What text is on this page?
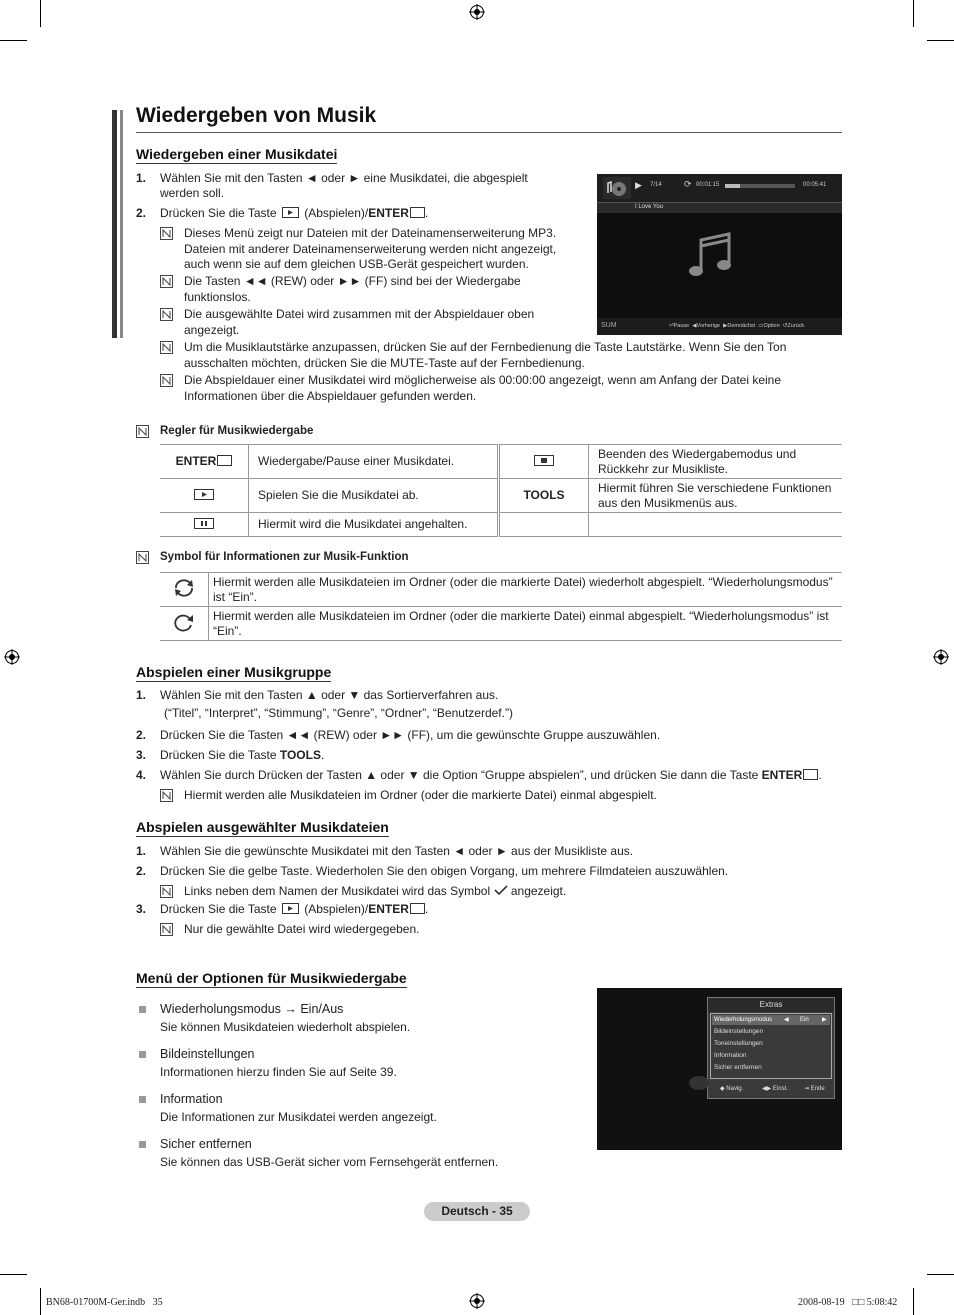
Wiedergeben von Musik
Wiedergeben einer Musikdatei
1. Wählen Sie mit den Tasten ◄ oder ► eine Musikdatei, die abgespielt werden soll.
2. Drücken Sie die Taste (Abspielen)/ENTER .
Dieses Menü zeigt nur Dateien mit der Dateinamenserweiterung MP3. Dateien mit anderer Dateinamenserweiterung werden nicht angezeigt, auch wenn sie auf dem gleichen USB-Gerät gespeichert wurden.
Die Tasten ◄◄ (REW) oder ►► (FF) sind bei der Wiedergabe funktionslos.
Die ausgewählte Datei wird zusammen mit der Abspieldauer oben angezeigt.
Um die Musiklautstärke anzupassen, drücken Sie auf der Fernbedienung die Taste Lautstärke. Wenn Sie den Ton ausschalten möchten, drücken Sie die MUTE-Taste auf der Fernbedienung.
Die Abspieldauer einer Musikdatei wird möglicherweise als 00:00:00 angezeigt, wenn am Anfang der Datei keine Informationen über die Abspieldauer gefunden werden.
▶ 7/14 ⟳ 00:01:15	00:05:41
I Love You
SUM	⏎Pause ◀Vorherige ▶Demnächst ▭Option ↺Zurück
Regler für Musikwiedergabe
ENTER	Wiedergabe/Pause einer Musikdatei.		Beenden des Wiedergabemodus und Rückkehr zur Musikliste.

	Spielen Sie die Musikdatei ab.	TOOLS	Hiermit führen Sie verschiedene Funktionen aus den Musikmenüs aus.

	Hiermit wird die Musikdatei angehalten.		
Symbol für Informationen zur Musik-Funktion
	Hiermit werden alle Musikdateien im Ordner (oder die markierte Datei) wiederholt abgespielt. “Wiederholungsmodus” ist “Ein”.
	Hiermit werden alle Musikdateien im Ordner (oder die markierte Datei) einmal abgespielt. “Wiederholungsmodus” ist “Ein”.
Abspielen einer Musikgruppe
1. Wählen Sie mit den Tasten ▲ oder ▼ das Sortierverfahren aus.
(“Titel”, “Interpret”, “Stimmung”, “Genre”, “Ordner”, “Benutzerdef.”)
2. Drücken Sie die Tasten ◄◄ (REW) oder ►► (FF), um die gewünschte Gruppe auszuwählen.
3. Drücken Sie die Taste TOOLS.
4. Wählen Sie durch Drücken der Tasten ▲ oder ▼ die Option “Gruppe abspielen”, und drücken Sie dann die Taste ENTER .
Hiermit werden alle Musikdateien im Ordner (oder die markierte Datei) einmal abgespielt.
Abspielen ausgewählter Musikdateien
1. Wählen Sie die gewünschte Musikdatei mit den Tasten ◄ oder ► aus der Musikliste aus.
2. Drücken Sie die gelbe Taste. Wiederholen Sie den obigen Vorgang, um mehrere Filmdateien auszuwählen.
Links neben dem Namen der Musikdatei wird das Symbol angezeigt.
3. Drücken Sie die Taste (Abspielen)/ENTER .
Nur die gewählte Datei wird wiedergegeben.
Menü der Optionen für Musikwiedergabe
Wiederholungsmodus → Ein/Aus
Sie können Musikdateien wiederholt abspielen.
Bildeinstellungen
Informationen hierzu finden Sie auf Seite 39.
Information
Die Informationen zur Musikdatei werden angezeigt.
Sicher entfernen
Sie können das USB-Gerät sicher vom Fernsehgerät entfernen.
Extras
Wiederholungsmodus ◀ Ein ▶
Bildeinstellungen
Toneinstellungen
Information
Sicher entfernen
◆ Navig.	◀▶ Einst.	⇥ Ende
Deutsch - 35
BN68-01700M-Ger.indb   35	2008-08-19   □□ 5:08:42
